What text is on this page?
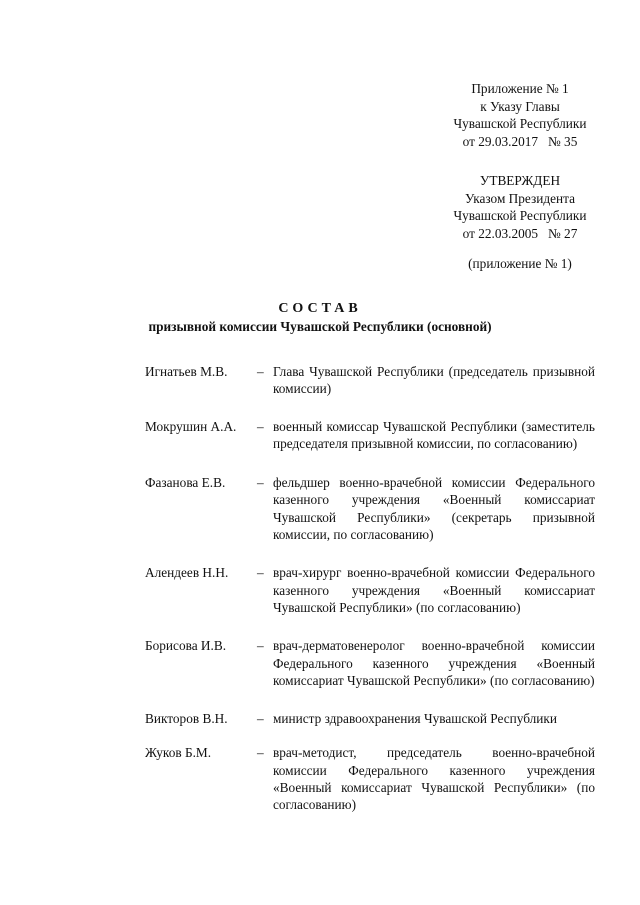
Приложение № 1
к Указу Главы
Чувашской Республики
от 29.03.2017   № 35
УТВЕРЖДЕН
Указом Президента
Чувашской Республики
от 22.03.2005   № 27
(приложение № 1)
СОСТАВ
призывной комиссии Чувашской Республики (основной)
Игнатьев М.В.	– Глава Чувашской Республики (председатель призывной комиссии)
Мокрушин А.А.	– военный комиссар Чувашской Республики (заместитель председателя призывной комиссии, по согласованию)
Фазанова Е.В.	– фельдшер военно-врачебной комиссии Федерального казенного учреждения «Военный комиссариат Чувашской Республики» (секретарь призывной комиссии, по согласованию)
Алендеев Н.Н.	– врач-хирург военно-врачебной комиссии Федерального казенного учреждения «Военный комиссариат Чувашской Республики» (по согласованию)
Борисова И.В.	– врач-дерматовенеролог военно-врачебной комиссии Федерального казенного учреждения «Военный комиссариат Чувашской Республики» (по согласованию)
Викторов В.Н.	– министр здравоохранения Чувашской Республики
Жуков Б.М.	– врач-методист, председатель военно-врачебной комиссии Федерального казенного учреждения «Военный комиссариат Чувашской Республики» (по согласованию)
